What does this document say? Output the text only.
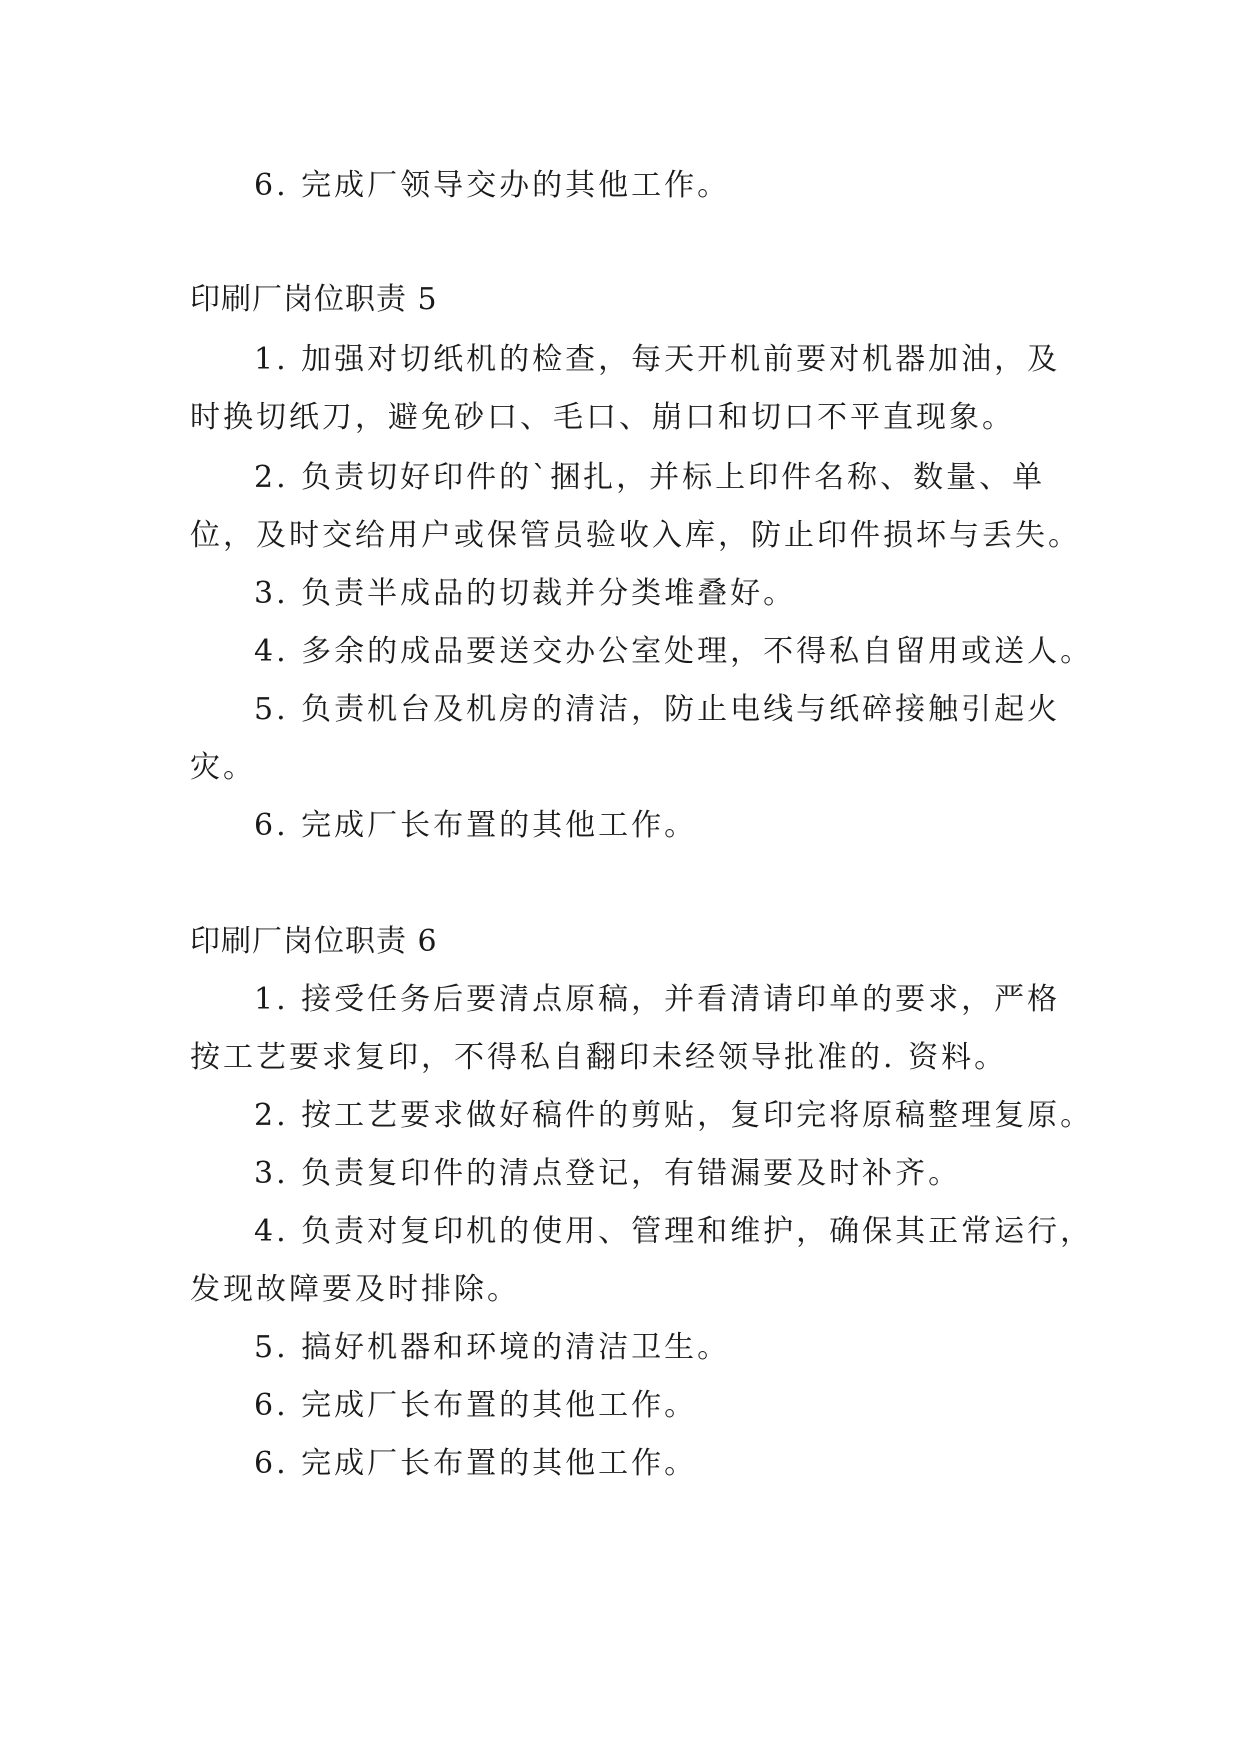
6. 完成厂领导交办的其他工作。
印刷厂岗位职责 5
1. 加强对切纸机的检查，每天开机前要对机器加油，及
时换切纸刀，避免砂口、毛口、崩口和切口不平直现象。
2. 负责切好印件的`捆扎，并标上印件名称、数量、单
位，及时交给用户或保管员验收入库，防止印件损坏与丢失。
3. 负责半成品的切裁并分类堆叠好。
4. 多余的成品要送交办公室处理，不得私自留用或送人。
5. 负责机台及机房的清洁，防止电线与纸碎接触引起火
灾。
6. 完成厂长布置的其他工作。
印刷厂岗位职责 6
1. 接受任务后要清点原稿，并看清请印单的要求，严格
按工艺要求复印，不得私自翻印未经领导批准的. 资料。
2. 按工艺要求做好稿件的剪贴，复印完将原稿整理复原。
3. 负责复印件的清点登记，有错漏要及时补齐。
4. 负责对复印机的使用、管理和维护，确保其正常运行，
发现故障要及时排除。
5. 搞好机器和环境的清洁卫生。
6. 完成厂长布置的其他工作。
6. 完成厂长布置的其他工作。
